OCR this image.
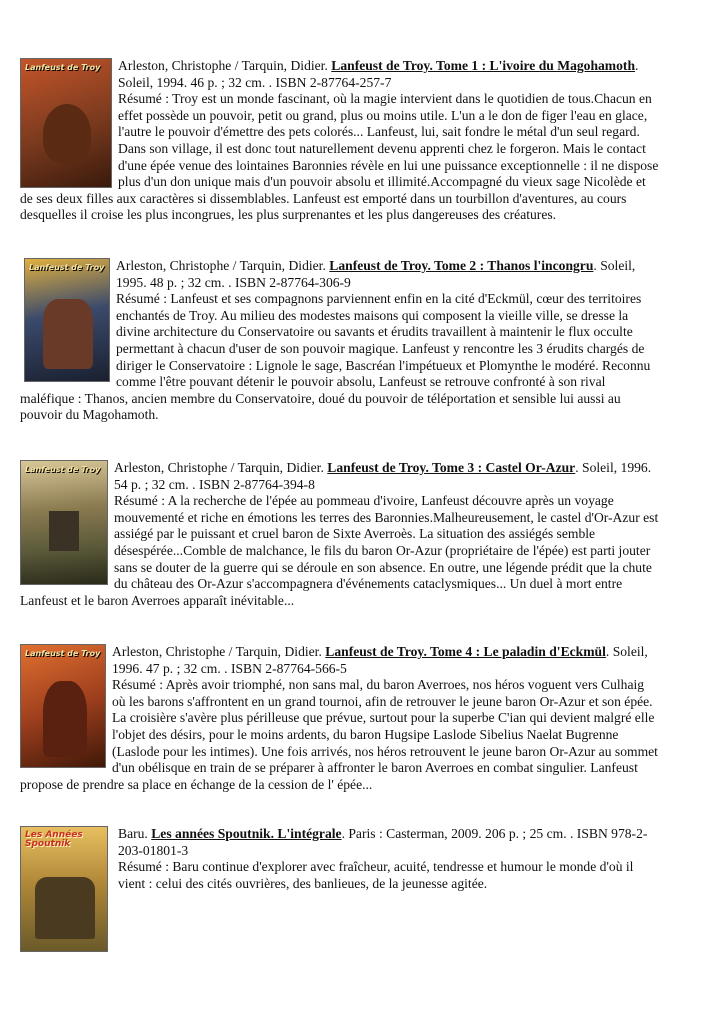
Lanfeust de Troy	Arleston, Christophe / Tarquin, Didier. Lanfeust de Troy. Tome 1 : L'ivoire du Magohamoth.
Soleil, 1994. 46 p. ; 32 cm. . ISBN 2-87764-257-7
Résumé : Troy est un monde fascinant, où la magie intervient dans le quotidien de tous.Chacun en effet possède un pouvoir, petit ou grand, plus ou moins utile. L'un a le don de figer l'eau en glace, l'autre le pouvoir d'émettre des pets colorés... Lanfeust, lui, sait fondre le métal d'un seul regard. Dans son village, il est donc tout naturellement devenu apprenti chez le forgeron. Mais le contact d'une épée venue des lointaines Baronnies révèle en lui une puissance exceptionnelle : il ne dispose plus d'un don unique mais d'un pouvoir absolu et illimité.Accompagné du vieux sage Nicolède et de ses deux filles aux caractères si dissemblables. Lanfeust est emporté dans un tourbillon d'aventures, au cours desquelles il croise les plus incongrues, les plus surprenantes et les plus dangereuses des créatures.

Lanfeust de Troy Arleston, Christophe / Tarquin, Didier. Lanfeust de Troy. Tome 2 : Thanos l'incongru. Soleil,
1995. 48 p. ; 32 cm. . ISBN 2-87764-306-9
Résumé : Lanfeust et ses compagnons parviennent enfin en la cité d'Eckmül, cœur des territoires enchantés de Troy. Au milieu des modestes maisons qui composent la vieille ville, se dresse la divine architecture du Conservatoire ou savants et érudits travaillent à maintenir le flux occulte permettant à chacun d'user de son pouvoir magique. Lanfeust y rencontre les 3 érudits chargés de diriger le Conservatoire : Lignole le sage, Bascréan l'impétueux et Plomynthe le modéré. Reconnu comme l'être pouvant détenir le pouvoir absolu, Lanfeust se retrouve confronté à son rival maléfique : Thanos, ancien membre du Conservatoire, doué du pouvoir de téléportation et sensible lui aussi au pouvoir du Magohamoth.

Lanfeust de Troy	Arleston, Christophe / Tarquin, Didier. Lanfeust de Troy. Tome 3 : Castel Or-Azur. Soleil, 1996.
54 p. ; 32 cm. . ISBN 2-87764-394-8
Résumé : A la recherche de l'épée au pommeau d'ivoire, Lanfeust découvre après un voyage mouvementé et riche en émotions les terres des Baronnies.Malheureusement, le castel d'Or-Azur est assiégé par le puissant et cruel baron de Sixte Averroès. La situation des assiégés semble désespérée...Comble de malchance, le fils du baron Or-Azur (propriétaire de l'épée) est parti jouter sans se douter de la guerre qui se déroule en son absence. En outre, une légende prédit que la chute du château des Or-Azur s'accompagnera d'événements cataclysmiques... Un duel à mort entre Lanfeust et le baron Averroes apparaît inévitable...

Lanfeust de Troy Arleston, Christophe / Tarquin, Didier. Lanfeust de Troy. Tome 4 : Le paladin d'Eckmül. Soleil,
1996. 47 p. ; 32 cm. . ISBN 2-87764-566-5
Résumé : Après avoir triomphé, non sans mal, du baron Averroes, nos héros voguent vers Culhaig où les barons s'affrontent en un grand tournoi, afin de retrouver le jeune baron Or-Azur et son épée. La croisière s'avère plus périlleuse que prévue, surtout pour la superbe C'ian qui devient malgré elle l'objet des désirs, pour le moins ardents, du baron Hugsipe Laslode Sibelius Naelat Bugrenne (Laslode pour les intimes). Une fois arrivés, nos héros retrouvent le jeune baron Or-Azur au sommet d'un obélisque en train de se préparer à affronter le baron Averroes en combat singulier. Lanfeust propose de prendre sa place en échange de la cession de l' épée...

Les Années Spoutnik

Baru. Les années Spoutnik. L'intégrale. Paris : Casterman, 2009. 206 p. ; 25 cm. . ISBN 978-2-
203-01801-3
Résumé : Baru continue d'explorer avec fraîcheur, acuité, tendresse et humour le monde d'où il vient : celui des cités ouvrières, des banlieues, de la jeunesse agitée.
